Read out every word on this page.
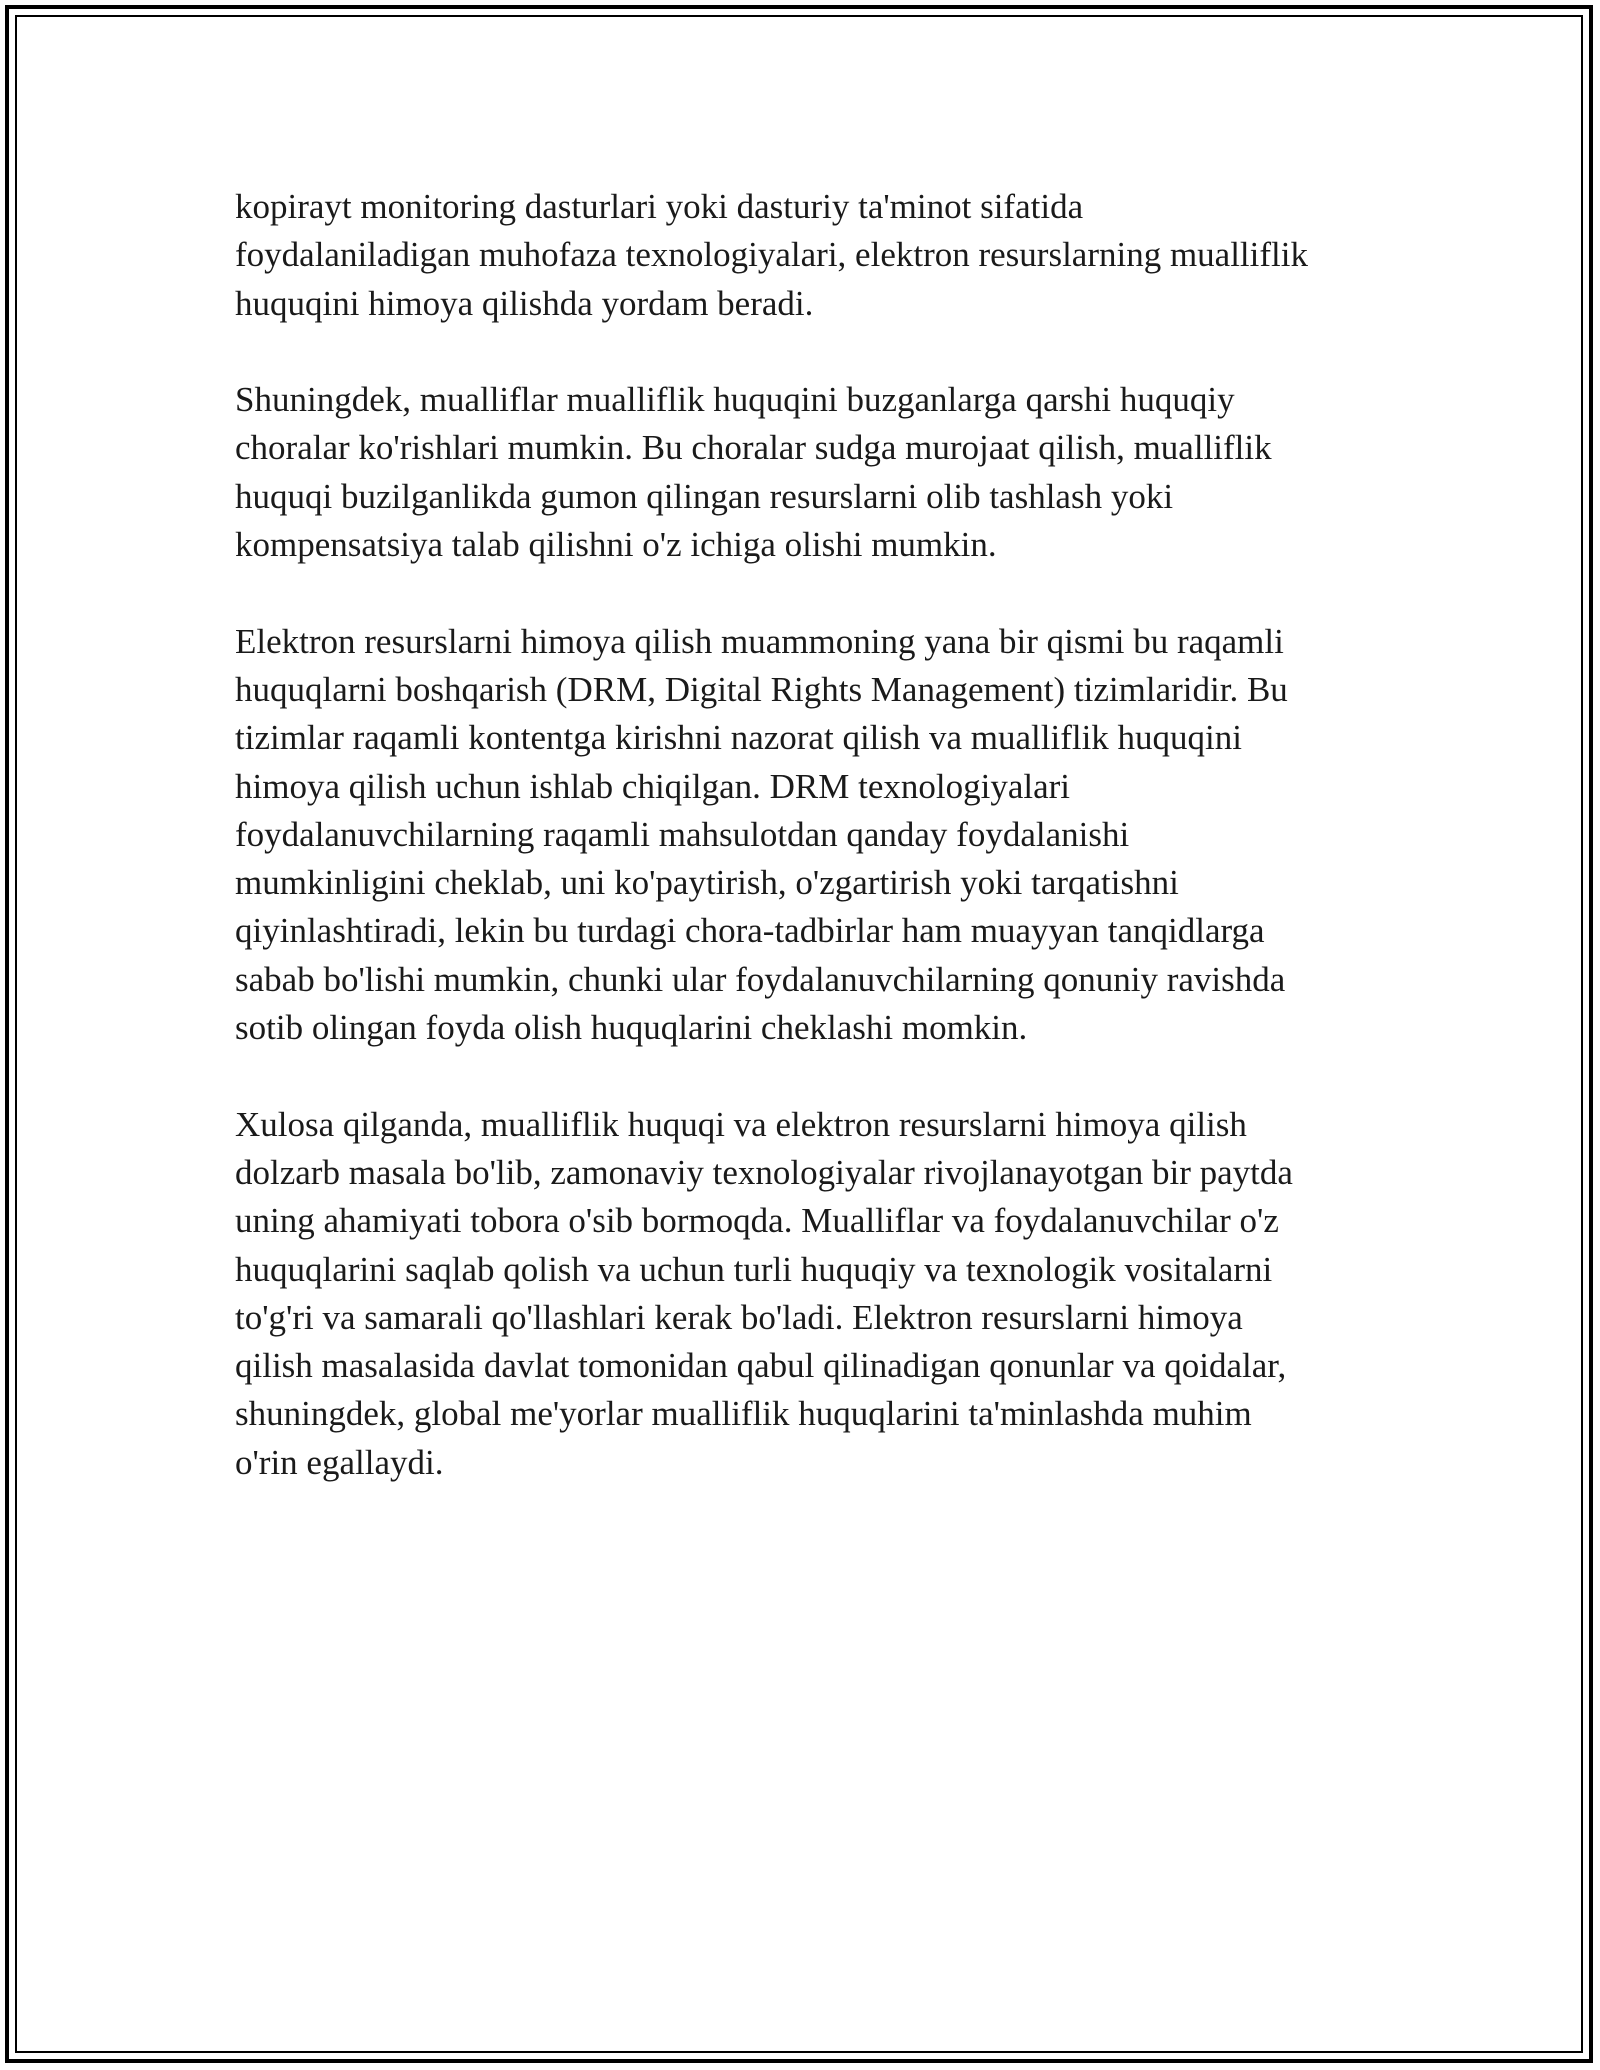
kopirayt monitoring dasturlari yoki dasturiy ta'minot sifatida
foydalaniladigan muhofaza texnologiyalari, elektron resurslarning mualliflik
huquqini himoya qilishda yordam beradi.

Shuningdek, mualliflar mualliflik huquqini buzganlarga qarshi huquqiy
choralar ko'rishlari mumkin. Bu choralar sudga murojaat qilish, mualliflik
huquqi buzilganlikda gumon qilingan resurslarni olib tashlash yoki
kompensatsiya talab qilishni o'z ichiga olishi mumkin.

Elektron resurslarni himoya qilish muammoning yana bir qismi bu raqamli
huquqlarni boshqarish (DRM, Digital Rights Management) tizimlaridir. Bu
tizimlar raqamli kontentga kirishni nazorat qilish va mualliflik huquqini
himoya qilish uchun ishlab chiqilgan. DRM texnologiyalari
foydalanuvchilarning raqamli mahsulotdan qanday foydalanishi
mumkinligini cheklab, uni ko'paytirish, o'zgartirish yoki tarqatishni
qiyinlashtiradi, lekin bu turdagi chora-tadbirlar ham muayyan tanqidlarga
sabab bo'lishi mumkin, chunki ular foydalanuvchilarning qonuniy ravishda
sotib olingan foyda olish huquqlarini cheklashi momkin.

Xulosa qilganda, mualliflik huquqi va elektron resurslarni himoya qilish
dolzarb masala bo'lib, zamonaviy texnologiyalar rivojlanayotgan bir paytda
uning ahamiyati tobora o'sib bormoqda. Mualliflar va foydalanuvchilar o'z
huquqlarini saqlab qolish va uchun turli huquqiy va texnologik vositalarni
to'g'ri va samarali qo'llashlari kerak bo'ladi. Elektron resurslarni himoya
qilish masalasida davlat tomonidan qabul qilinadigan qonunlar va qoidalar,
shuningdek, global me'yorlar mualliflik huquqlarini ta'minlashda muhim
o'rin egallaydi.
